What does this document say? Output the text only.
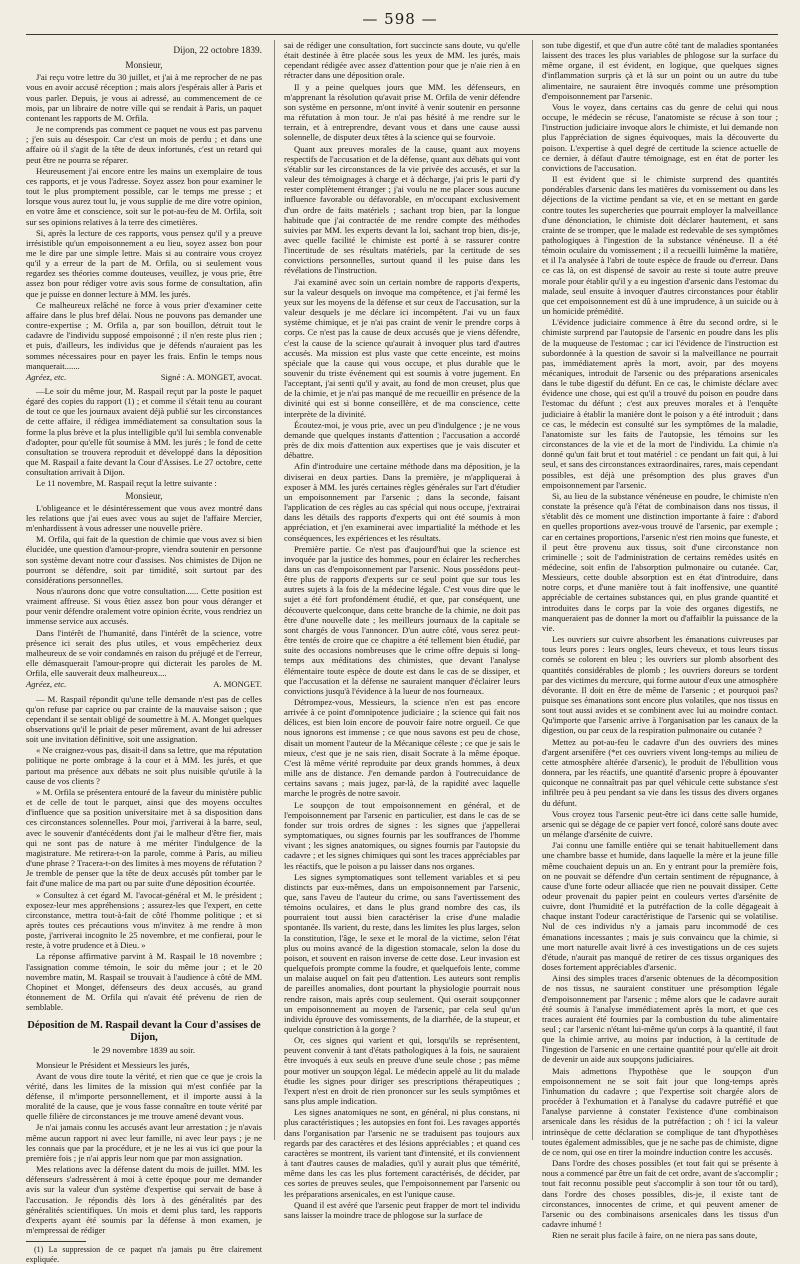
— 598 —
Dijon, 22 octobre 1839.
Monsieur,

J'ai reçu votre lettre du 30 juillet, et j'ai à me reprocher de ne pas vous en avoir accusé réception ; mais alors j'espérais aller à Paris et vous parler. Depuis, je vous ai adressé, au commencement de ce mois, par un libraire de notre ville qui se rendait à Paris, un paquet contenant les rapports de M. Orfila.

Je ne comprends pas comment ce paquet ne vous est pas parvenu ; j'en suis au désespoir. Car c'est un mois de perdu ; et dans une affaire où il s'agit de la tête de deux infortunés, c'est un retard qui peut être ne pourra se réparer.

Heureusement j'ai encore entre les mains un exemplaire de tous ces rapports, et je vous l'adresse. Soyez assez bon pour examiner le tout le plus promptement possible, car le temps me presse ; et lorsque vous aurez tout lu, je vous supplie de me dire votre opinion, en votre âme et conscience, soit sur le pot-au-feu de M. Orfila, soit sur ses opinions relatives à la terre des cimetières.

Si, après la lecture de ces rapports, vous pensez qu'il y a preuve irrésistible qu'un empoisonnement a eu lieu, soyez assez bon pour me le dire par une simple lettre. Mais si au contraire vous croyez qu'il y a erreur de la part de M. Orfila, ou si seulement vous regardez ses théories comme douteuses, veuillez, je vous prie, être assez bon pour rédiger votre avis sous forme de consultation, afin que je puisse en donner lecture à MM. les jurés.

Ce malheureux relâché ne force à vous prier d'examiner cette affaire dans le plus bref délai. Nous ne pouvons pas demander une contre-expertise ; M. Orfila a, par son bouillon, détruit tout le cadavre de l'individu supposé empoisonné ; il n'en reste plus rien ; et puis, d'ailleurs, les individus que je défends n'auraient pas les sommes nécessaires pour en payer les frais. Enfin le temps nous manquerait.......

Agréez, etc.	Signé : A. MONGET, avocat.

—Le soir du même jour, M. Raspail reçut par la poste le paquet égaré des copies du rapport (1) ; et comme il s'était tenu au courant de tout ce que les journaux avaient déjà publié sur les circonstances de cette affaire, il rédigea immédiatement sa consultation sous la forme la plus brève et la plus intelligible qu'il lui sembla convenable d'adopter, pour qu'elle fût soumise à MM. les jurés ; le fond de cette consultation se trouvera reproduit et développé dans la déposition que M. Raspail a faite devant la Cour d'Assises. Le 27 octobre, cette consultation arrivait à Dijon.

Le 11 novembre, M. Raspail reçut la lettre suivante :

Monsieur,

L'obligeance et le désintéressement que vous avez montré dans les relations que j'ai eues avec vous au sujet de l'affaire Mercier, m'enhardissent à vous adresser une nouvelle prière.

M. Orfila, qui fait de la question de chimie que vous avez si bien élucidée, une question d'amour-propre, viendra soutenir en personne son système devant notre cour d'assises. Nos chimistes de Dijon ne pourront se défendre, soit par timidité, soit surtout par des considérations personnelles.

Nous n'aurons donc que votre consultation...... Cette position est vraiment affreuse. Si vous êtiez assez bon pour vous déranger et pour venir défendre oralement votre opinion écrite, vous rendriez un immense service aux accusés.

Dans l'intérêt de l'humanité, dans l'intérêt de la science, votre présence ici serait des plus utiles, et vous empêcheriez deux malheureux de se voir condamnés en raison du préjugé et de l'erreur, elle démasquerait l'amour-propre qui dicterait les paroles de M. Orfila, elle sauverait deux malheureux....

Agréez, etc.	A. MONGET.

— M. Raspail répondit qu'une telle demande n'est pas de celles qu'on refuse par caprice ou par crainte de la mauvaise saison ; que cependant il se sentait obligé de soumettre à M. A. Monget quelques observations qu'il le priait de peser mûrement, avant de lui adresser soit une invitation définitive, soit une assignation.

« Ne craignez-vous pas, disait-il dans sa lettre, que ma réputation politique ne porte ombrage à la cour et à MM. les jurés, et que partout ma présence aux débats ne soit plus nuisible qu'utile à la cause de vos clients ?

» M. Orfila se présentera entouré de la faveur du ministère public et de celle de tout le parquet, ainsi que des moyens occultes d'influence que sa position universitaire met à sa disposition dans ces circonstances solennelles. Pour moi, j'arriverai à la barre, seul, avec le souvenir d'antécédents dont j'ai le malheur d'être fier, mais qui ne sont pas de nature à me mériter l'indulgence de la magistrature. Me retirera-t-on la parole, comme à Paris, au milieu d'une phrase ? Tracera-t-on des limites à mes moyens de réfutation ? Je tremble de penser que la tête de deux accusés pût tomber par le fait d'une malice de ma part ou par suite d'une déposition écourtée.

» Consultez à cet égard M. l'avocat-général et M. le président ; exposez-leur mes appréhensions ; assurez-les que l'expert, en cette circonstance, mettra tout-à-fait de côté l'homme politique ; et si après toutes ces précautions vous m'invitez à me rendre à mon poste, j'arriverai incognito le 25 novembre, et me confierai, pour le reste, à votre prudence et à Dieu. »

La réponse affirmative parvint à M. Raspail le 18 novembre ; l'assignation comme témoin, le soir du même jour ; et le 20 novembre matin, M. Raspail se trouvait à l'audience à côté de MM. Chopinet et Monget, défenseurs des deux accusés, au grand étonnement de M. Orfila qui n'avait été prévenu de rien de semblable.

Déposition de M. Raspail devant la Cour d'assises de Dijon,
le 29 novembre 1839 au soir.

Monsieur le Président et Messieurs les jurés,

Avant de vous dire toute la vérité, et rien que ce que je crois la vérité, dans les limites de la mission qui m'est confiée par la défense, il m'importe personnellement, et il importe aussi à la moralité de la cause, que je vous fasse connaître en toute vérité par quelle filière de circonstances je me trouve amené devant vous.

Je n'ai jamais connu les accusés avant leur arrestation ; je n'avais même aucun rapport ni avec leur famille, ni avec leur pays ; je ne les connais que par la procédure, et je ne les ai vus ici que pour la première fois ; je n'ai appris leur nom que par mon assignation.

Mes relations avec la défense datent du mois de juillet. MM. les défenseurs s'adressèrent à moi à cette époque pour me demander avis sur la valeur d'un système d'expertise qui servait de base à l'accusation. Je répondis dès lors à des généralités par des généralités scientifiques. Un mois et demi plus tard, les rapports d'experts ayant été soumis par la défense à mon examen, je m'empressai de rédiger

(1) La suppression de ce paquet n'a jamais pu être clairement expliquée.

sai de rédiger une consultation, fort succincte sans doute, vu qu'elle était destinée à être placée sous les yeux de MM. les jurés, mais cependant rédigée avec assez d'attention pour que je n'aie rien à en rétracter dans une déposition orale.

Il y a peine quelques jours que MM. les défenseurs, en m'apprenant la résolution qu'avait prise M. Orfila de venir défendre son système en personne, m'ont invité à venir soutenir en personne ma réfutation à mon tour. Je n'ai pas hésité à me rendre sur le terrain, et à entreprendre, devant vous et dans une cause aussi solennelle, de disputer deux têtes à la science qui se fourvoie.

Quant aux preuves morales de la cause, quant aux moyens respectifs de l'accusation et de la défense, quant aux débats qui vont s'établir sur les circonstances de la vie privée des accusés, et sur la valeur des témoignages à charge et à décharge, j'ai pris le parti d'y rester complètement étranger ; j'ai voulu ne me placer sous aucune influence favorable ou défavorable, en m'occupant exclusivement d'un ordre de faits matériels ; sachant trop bien, par la longue habitude que j'ai contractée de me rendre compte des méthodes suivies par MM. les experts devant la loi, sachant trop bien, dis-je, avec quelle facilité le chimiste est porté à se rassurer contre l'incertitude de ses résultats matériels, par la certitude de ses convictions personnelles, surtout quand il les puise dans les révélations de l'instruction.

J'ai examiné avec soin un certain nombre de rapports d'experts, sur la valeur desquels on invoque ma compétence, et j'ai fermé les yeux sur les moyens de la défense et sur ceux de l'accusation, sur la valeur desquels je me déclare ici incompétent. J'ai vu un faux système chimique, et je n'ai pas craint de venir le prendre corps à corps. Ce n'est pas la cause de deux accusés que je viens défendre, c'est la cause de la science qu'aurait à invoquer plus tard d'autres accusés. Ma mission est plus vaste que cette enceinte, est moins spéciale que la cause qui vous occupe, et plus durable que le souvenir du triste événement qui est soumis à votre jugement. En l'acceptant, j'ai senti qu'il y avait, au fond de mon creuset, plus que de la chimie, et je n'ai pas manqué de me recueillir en présence de la divinité qui est si bonne conseillère, et de ma conscience, cette interprète de la divinité.

Écoutez-moi, je vous prie, avec un peu d'indulgence ; je ne vous demande que quelques instants d'attention ; l'accusation a accordé près de dix mois d'attention aux expertises que je vais discuter et débattre.

Afin d'introduire une certaine méthode dans ma déposition, je la diviserai en deux parties. Dans la première, je m'appliquerai à exposer à MM. les jurés certaines règles générales sur l'art d'étudier un empoisonnement par l'arsenic ; dans la seconde, faisant l'application de ces règles au cas spécial qui nous occupe, j'extrairai dans les détails des rapports d'experts qui ont été soumis à mon appréciation, et j'en examinerai avec impartialité la méthode et les conséquences, les expériences et les résultats.

Première partie. Ce n'est pas d'aujourd'hui que la science est invoquée par la justice des hommes, pour en éclairer les recherches dans un cas d'empoisonnement par l'arsenic. Nous possédons peut-être plus de rapports d'experts sur ce seul point que sur tous les autres sujets à la fois de la médecine légale. C'est vous dire que le sujet a été fort profondément étudié, et que, par conséquent, une découverte quelconque, dans cette branche de la chimie, ne doit pas être d'une nouvelle date ; les meilleurs journaux de la capitale se sont chargés de vous l'annoncer. D'un autre côté, vous serez peut-être tentés de croire que ce chapitre a été tellement bien étudié, par suite des occasions nombreuses que le crime offre depuis si long-temps aux méditations des chimistes, que devant l'analyse élémentaire toute espèce de doute est dans le cas de se dissiper, et que l'accusation et la défense ne sauraient manquer d'éclairer leurs convictions jusqu'à l'évidence à la lueur de nos fourneaux.

Détrompez-vous, Messieurs, la science n'en est pas encore arrivée à ce point d'omnipotence judiciaire ; la science qui fait nos délices, est bien loin encore de pouvoir faire notre orgueil. Ce que nous ignorons est immense ; ce que nous savons est peu de chose, disait un moment l'auteur de la Mécanique céleste ; ce que je sais le mieux, c'est que je ne sais rien, disait Socrate à la même époque. C'est là même vérité reproduite par deux grands hommes, à deux mille ans de distance. J'en demande pardon à l'outrecuidance de certains savans ; mais jugez, par-là, de la rapidité avec laquelle marche le progrès de notre savoir.

Le soupçon de tout empoisonnement en général, et de l'empoisonnement par l'arsenic en particulier, est dans le cas de se fonder sur trois ordres de signes : les signes que j'appellerai symptomatiques, ou signes fournis par les souffrances de l'homme vivant ; les signes anatomiques, ou signes fournis par l'autopsie du cadavre ; et les signes chimiques qui sont les traces appréciables par les réactifs, que le poison a pu laisser dans nos organes.

Les signes symptomatiques sont tellement variables et si peu distincts par eux-mêmes, dans un empoisonnement par l'arsenic, que, sans l'aveu de l'auteur du crime, ou sans l'avertissement des témoins oculaires, et dans le plus grand nombre des cas, ils pourraient tout aussi bien caractériser la crise d'une maladie spontanée. Ils varient, du reste, dans les limites les plus larges, selon la constitution, l'âge, le sexe et le moral de la victime, selon l'état plus ou moins avancé de la digestion stomacale, selon la dose du poison, et souvent en raison inverse de cette dose. Leur invasion est quelquefois prompte comme la foudre, et quelquefois lente, comme un malaise auquel on fait peu d'attention. Les auteurs sont remplis de pareilles anomalies, dont pourtant la physiologie pourrait nous rendre raison, mais après coup seulement. Qui oserait soupçonner un empoisonnement au moyen de l'arsenic, par cela seul qu'un individu éprouve des vomissements, de la diarrhée, de la stupeur, et quelque constriction à la gorge ?

Or, ces signes qui varient et qui, lorsqu'ils se représentent, peuvent convenir à tant d'états pathologiques à la fois, ne sauraient être invoqués à eux seuls en preuve d'une seule chose ; pas même pour motiver un soupçon légal. Le médecin appelé au lit du malade étudie les signes pour diriger ses prescriptions thérapeutiques ; l'expert n'est en droit de rien prononcer sur les seuls symptômes et sans plus ample indication.

Les signes anatomiques ne sont, en général, ni plus constans, ni plus caractéristiques ; les autopsies en font foi. Les ravages apportés dans l'organisation par l'arsenic ne se traduisent pas toujours aux regards par des caractères et des lésions appréciables ; et quand ces caractères se montrent, ils varient tant d'intensité, et ils conviennent à tant d'autres causes de maladies, qu'il y aurait plus que témérité, même dans les cas les plus fortement caractérisés, de décider, par ces sortes de preuves seules, que l'empoisonnement par l'arsenic ou les préparations arsenicales, en est l'unique cause.

Quand il est avéré que l'arsenic peut frapper de mort tel individu sans laisser la moindre trace de phlogose sur la surface de

son tube digestif, et que d'un autre côté tant de maladies spontanées laissent des traces les plus variables de phlogose sur la surface du même organe, il est évident, en logique, que quelques signes d'inflammation surpris çà et là sur un point ou un autre du tube alimentaire, ne sauraient être invoqués comme une présomption d'empoisonnement par l'arsenic.

Vous le voyez, dans certains cas du genre de celui qui nous occupe, le médecin se récuse, l'anatomiste se récuse à son tour ; l'instruction judiciaire invoque alors le chimiste, et lui demande non plus l'appréciation de signes équivoques, mais la découverte du poison. L'expertise à quel degré de certitude la science actuelle de ce dernier, à défaut d'autre témoignage, est en état de porter les convictions de l'accusation.

Il est évident que si le chimiste surprend des quantités pondérables d'arsenic dans les matières du vomissement ou dans les déjections de la victime pendant sa vie, et en se mettant en garde contre toutes les supercheries que pourrait employer la malveillance d'une dénonciation, le chimiste doit déclarer hautement, et sans crainte de se tromper, que le malade est redevable de ses symptômes pathologiques à l'ingestion de la substance vénéneuse. Il a été témoin oculaire du vomissement ; il a recueilli luimême la matière, et il l'a analysée à l'abri de toute espèce de fraude ou d'erreur. Dans ce cas là, on est dispensé de savoir au reste si toute autre preuve morale pour établir qu'il y a eu ingestion d'arsenic dans l'estomac du malade, seul ensuite à invoquer d'autres circonstances pour établir que cet empoisonnement est dû à une imprudence, à un suicide ou à un homicide prémédité.

L'évidence judiciaire commence à être du second ordre, si le chimiste surprend par l'autopsie de l'arsenic en poudre dans les plis de la muqueuse de l'estomac ; car ici l'évidence de l'instruction est subordonnée à la question de savoir si la malveillance ne pourrait pas, immédiatement après la mort, avoir, par des moyens mécaniques, introduit de l'arsenic ou des préparations arsenicales dans le tube digestif du défunt. En ce cas, le chimiste déclare avec évidence une chose, qui est qu'il a trouvé du poison en poudre dans l'estomac du défunt ; c'est aux preuves morales et à l'enquête judiciaire à établir la manière dont le poison y a été introduit ; dans ce cas, le médecin est consulté sur les symptômes de la maladie, l'anatomiste sur les faits de l'autopsie, les témoins sur les circonstances de la vie et de la mort de l'individu. La chimie n'a donné qu'un fait brut et tout matériel : ce pendant un fait qui, à lui seul, et sans des circonstances extraordinaires, rares, mais cependant possibles, est déjà une présomption des plus graves d'un empoisonnement par l'arsenic.

Si, au lieu de la substance vénéneuse en poudre, le chimiste n'en constate la présence qu'à l'état de combinaison dans nos tissus, il s'établit dès ce moment une distinction importante à faire : d'abord en quelles proportions avez-vous trouvé de l'arsenic, par exemple ; car en certaines proportions, l'arsenic n'est rien moins que funeste, et il peut être provenu aux tissus, soit d'une circonstance non criminelle ; soit de l'administration de certains remèdes usités en médecine, soit enfin de l'absorption pulmonaire ou cutanée. Car, Messieurs, cette double absorption est en état d'introduire, dans notre corps, et d'une manière tout à fait inoffensive, une quantité appréciable de certaines substances qui, en plus grande quantité et introduites dans le corps par la voie des organes digestifs, ne manqueraient pas de donner la mort ou d'affaiblir la puissance de la vie.

Les ouvriers sur cuivre absorbent les émanations cuivreuses par tous leurs pores : leurs ongles, leurs cheveux, et tous leurs tissus cornés se colorent en bleu ; les ouvriers sur plomb absorbent des quantités considérables de plomb ; les ouvriers doreurs se tordent par des victimes du mercure, qui forme autour d'eux une atmosphère dévorante. Il doit en être de même de l'arsenic ; et pourquoi pas? puisque ses émanations sont encore plus volatiles, que nos tissus en sont tout aussi avides et se combinent avec lui au moindre contact. Qu'importe que l'arsenic arrive à l'organisation par les canaux de la digestion, ou par ceux de la respiration pulmonaire ou cutanée ?

Mettez au pot-au-feu le cadavre d'un des ouvriers des mines d'argent arsenifère (*et ces ouvriers vivent long-temps au milieu de cette atmosphère altérée d'arsenic), le produit de l'ébullition vous donnera, par les réactifs, une quantité d'arsenic propre à épouvanter quiconque ne connaîtrait pas par quel véhicule cette substance s'est infiltrée peu à peu pendant sa vie dans les tissus des divers organes du défunt.

Vous croyez tous l'arsenic peut-être ici dans cette salle humide, arsenic qui se dégage de ce papier vert foncé, coloré sans doute avec un mélange d'arsénite de cuivre.

J'ai connu une famille entière qui se tenait habituellement dans une chambre basse et humide, dans laquelle la mère et la jeune fille même couchaient depuis un an. En y entrant pour la première fois, on ne pouvait se défendre d'un certain sentiment de répugnance, à cause d'une forte odeur alliacée que rien ne pouvait dissiper. Cette odeur provenait du papier peint en couleurs vertes d'arsénite de cuivre, dont l'humidité et la putréfaction de la colle dégageait à chaque instant l'odeur caractéristique de l'arsenic qui se volatilise. Nul de ces individus n'y a jamais paru incommodé de ces émanations incessantes ; mais je suis convaincu que la chimie, si une mort naturelle avait livré à ces investigations un de ces sujets d'étude, n'aurait pas manqué de retirer de ces tissus organiques des doses fortement appréciables d'arsenic.

Ainsi des simples traces d'arsenic obtenues de la décomposition de nos tissus, ne sauraient constituer une présomption légale d'empoisonnement par l'arsenic ; même alors que le cadavre aurait été soumis à l'analyse immédiatement après la mort, et que ces traces auraient été fournies par la combustion du tube alimentaire seul ; car l'arsenic n'étant lui-même qu'un corps à la quantité, il faut que la chimie arrive, au moins par induction, à la certitude de l'ingestion de l'arsenic en une certaine quantité pour qu'elle ait droit de devenir un aide aux soupçons judiciaires.

Mais admettons l'hypothèse que le soupçon d'un empoisonnement ne se soit fait jour que long-temps après l'inhumation du cadavre ; que l'expertise soit chargée alors de procéder à l'exhumation et à l'analyse du cadavre putréfié et que l'analyse parvienne à constater l'existence d'une combinaison arsenicale dans les résidus de la putréfaction ; oh ! ici la valeur intrinsèque de cette déclaration se complique de tant d'hypothèses toutes également admissibles, que je ne sache pas de chimiste, digne de ce nom, qui ose en tirer la moindre induction contre les accusés.

Dans l'ordre des choses possibles (et tout fait qui se présente à nous a commencé par être un fait de cet ordre, avant de s'accomplir ; tout fait reconnu possible peut s'accomplir à son tour tôt ou tard), dans l'ordre des choses possibles, dis-je, il existe tant de circonstances, innocentes de crime, et qui peuvent amener de l'arsenic ou des combinaisons arsenicales dans les tissus d'un cadavre inhumé !

Rien ne serait plus facile à faire, on ne niera pas sans doute,
